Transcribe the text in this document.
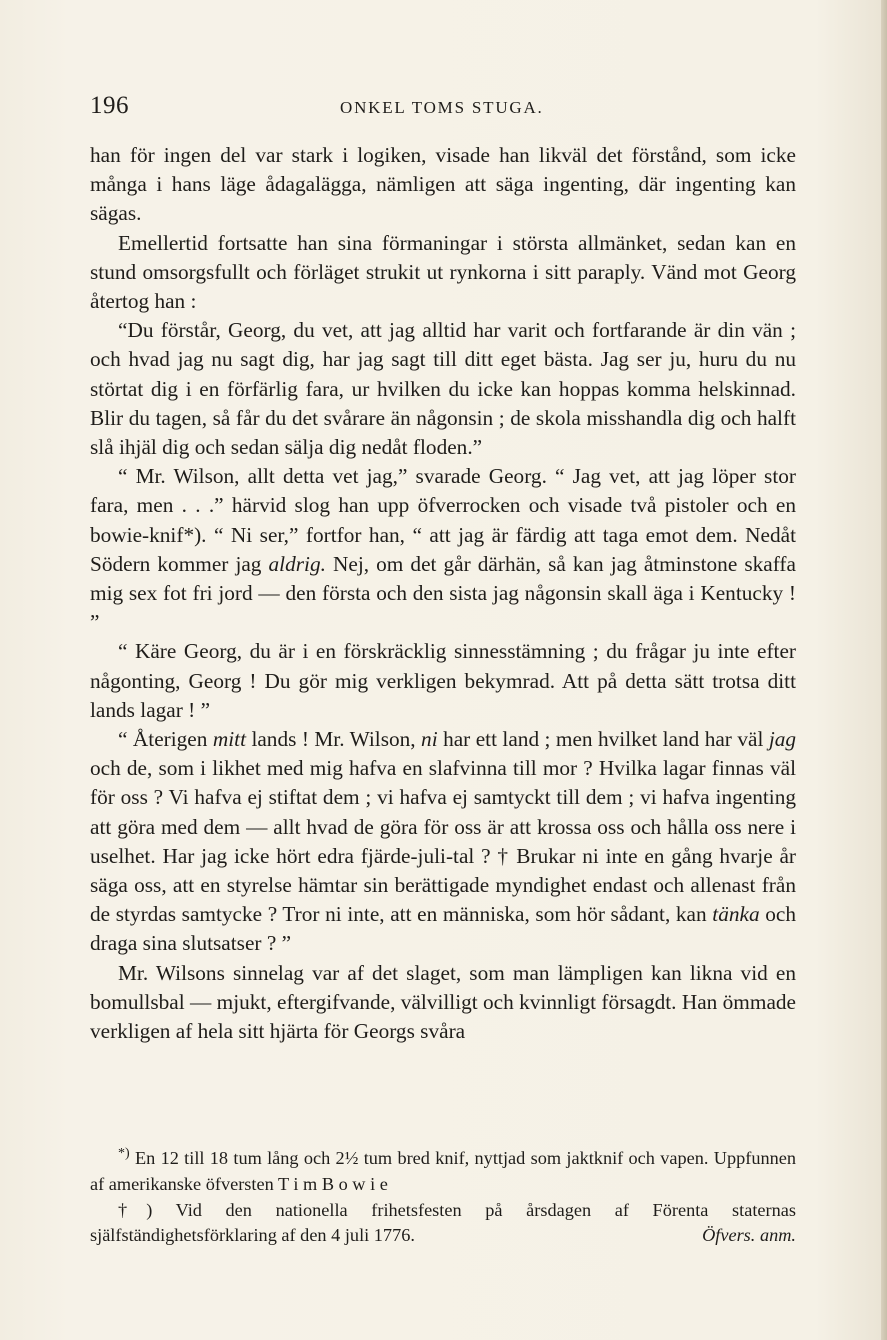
196	ONKEL TOMS STUGA.

han för ingen del var stark i logiken, visade han likväl det förstånd, som icke många i hans läge ådagalägga, nämligen att säga ingenting, där ingenting kan sägas.

Emellertid fortsatte han sina förmaningar i största allmänket, sedan kan en stund omsorgsfullt och förläget strukit ut rynkorna i sitt paraply. Vänd mot Georg återtog han :

“Du förstår, Georg, du vet, att jag alltid har varit och fortfarande är din vän ; och hvad jag nu sagt dig, har jag sagt till ditt eget bästa. Jag ser ju, huru du nu störtat dig i en förfärlig fara, ur hvilken du icke kan hoppas komma helskinnad. Blir du tagen, så får du det svårare än någonsin ; de skola misshandla dig och halft slå ihjäl dig och sedan sälja dig nedåt floden.”

“ Mr. Wilson, allt detta vet jag,” svarade Georg. “ Jag vet, att jag löper stor fara, men . . .” härvid slog han upp öfverrocken och visade två pistoler och en bowie-knif*). “ Ni ser,” fortfor han, “ att jag är färdig att taga emot dem. Nedåt Södern kommer jag aldrig. Nej, om det går därhän, så kan jag åtminstone skaffa mig sex fot fri jord — den första och den sista jag någonsin skall äga i Kentucky ! ”

“ Käre Georg, du är i en förskräcklig sinnesstämning ; du frågar ju inte efter någonting, Georg ! Du gör mig verkligen bekymrad. Att på detta sätt trotsa ditt lands lagar ! ”

“ Återigen mitt lands ! Mr. Wilson, ni har ett land ; men hvilket land har väl jag och de, som i likhet med mig hafva en slafvinna till mor ? Hvilka lagar finnas väl för oss ? Vi hafva ej stiftat dem ; vi hafva ej samtyckt till dem ; vi hafva ingenting att göra med dem — allt hvad de göra för oss är att krossa oss och hålla oss nere i uselhet. Har jag icke hört edra fjärde-juli-tal ? † Brukar ni inte en gång hvarje år säga oss, att en styrelse hämtar sin berättigade myndighet endast och allenast från de styrdas samtycke ? Tror ni inte, att en människa, som hör sådant, kan tänka och draga sina slutsatser ? ”

Mr. Wilsons sinnelag var af det slaget, som man lämpligen kan likna vid en bomullsbal — mjukt, eftergifvande, välvilligt och kvinnligt försagdt. Han ömmade verkligen af hela sitt hjärta för Georgs svåra

*) En 12 till 18 tum lång och 2½ tum bred knif, nyttjad som jaktknif och vapen. Uppfunnen af amerikanske öfversten T i m B o w i e

†) Vid den nationella frihetsfesten på årsdagen af Förenta staternas själfständighetsförklaring af den 4 juli 1776.	Öfvers. anm.
